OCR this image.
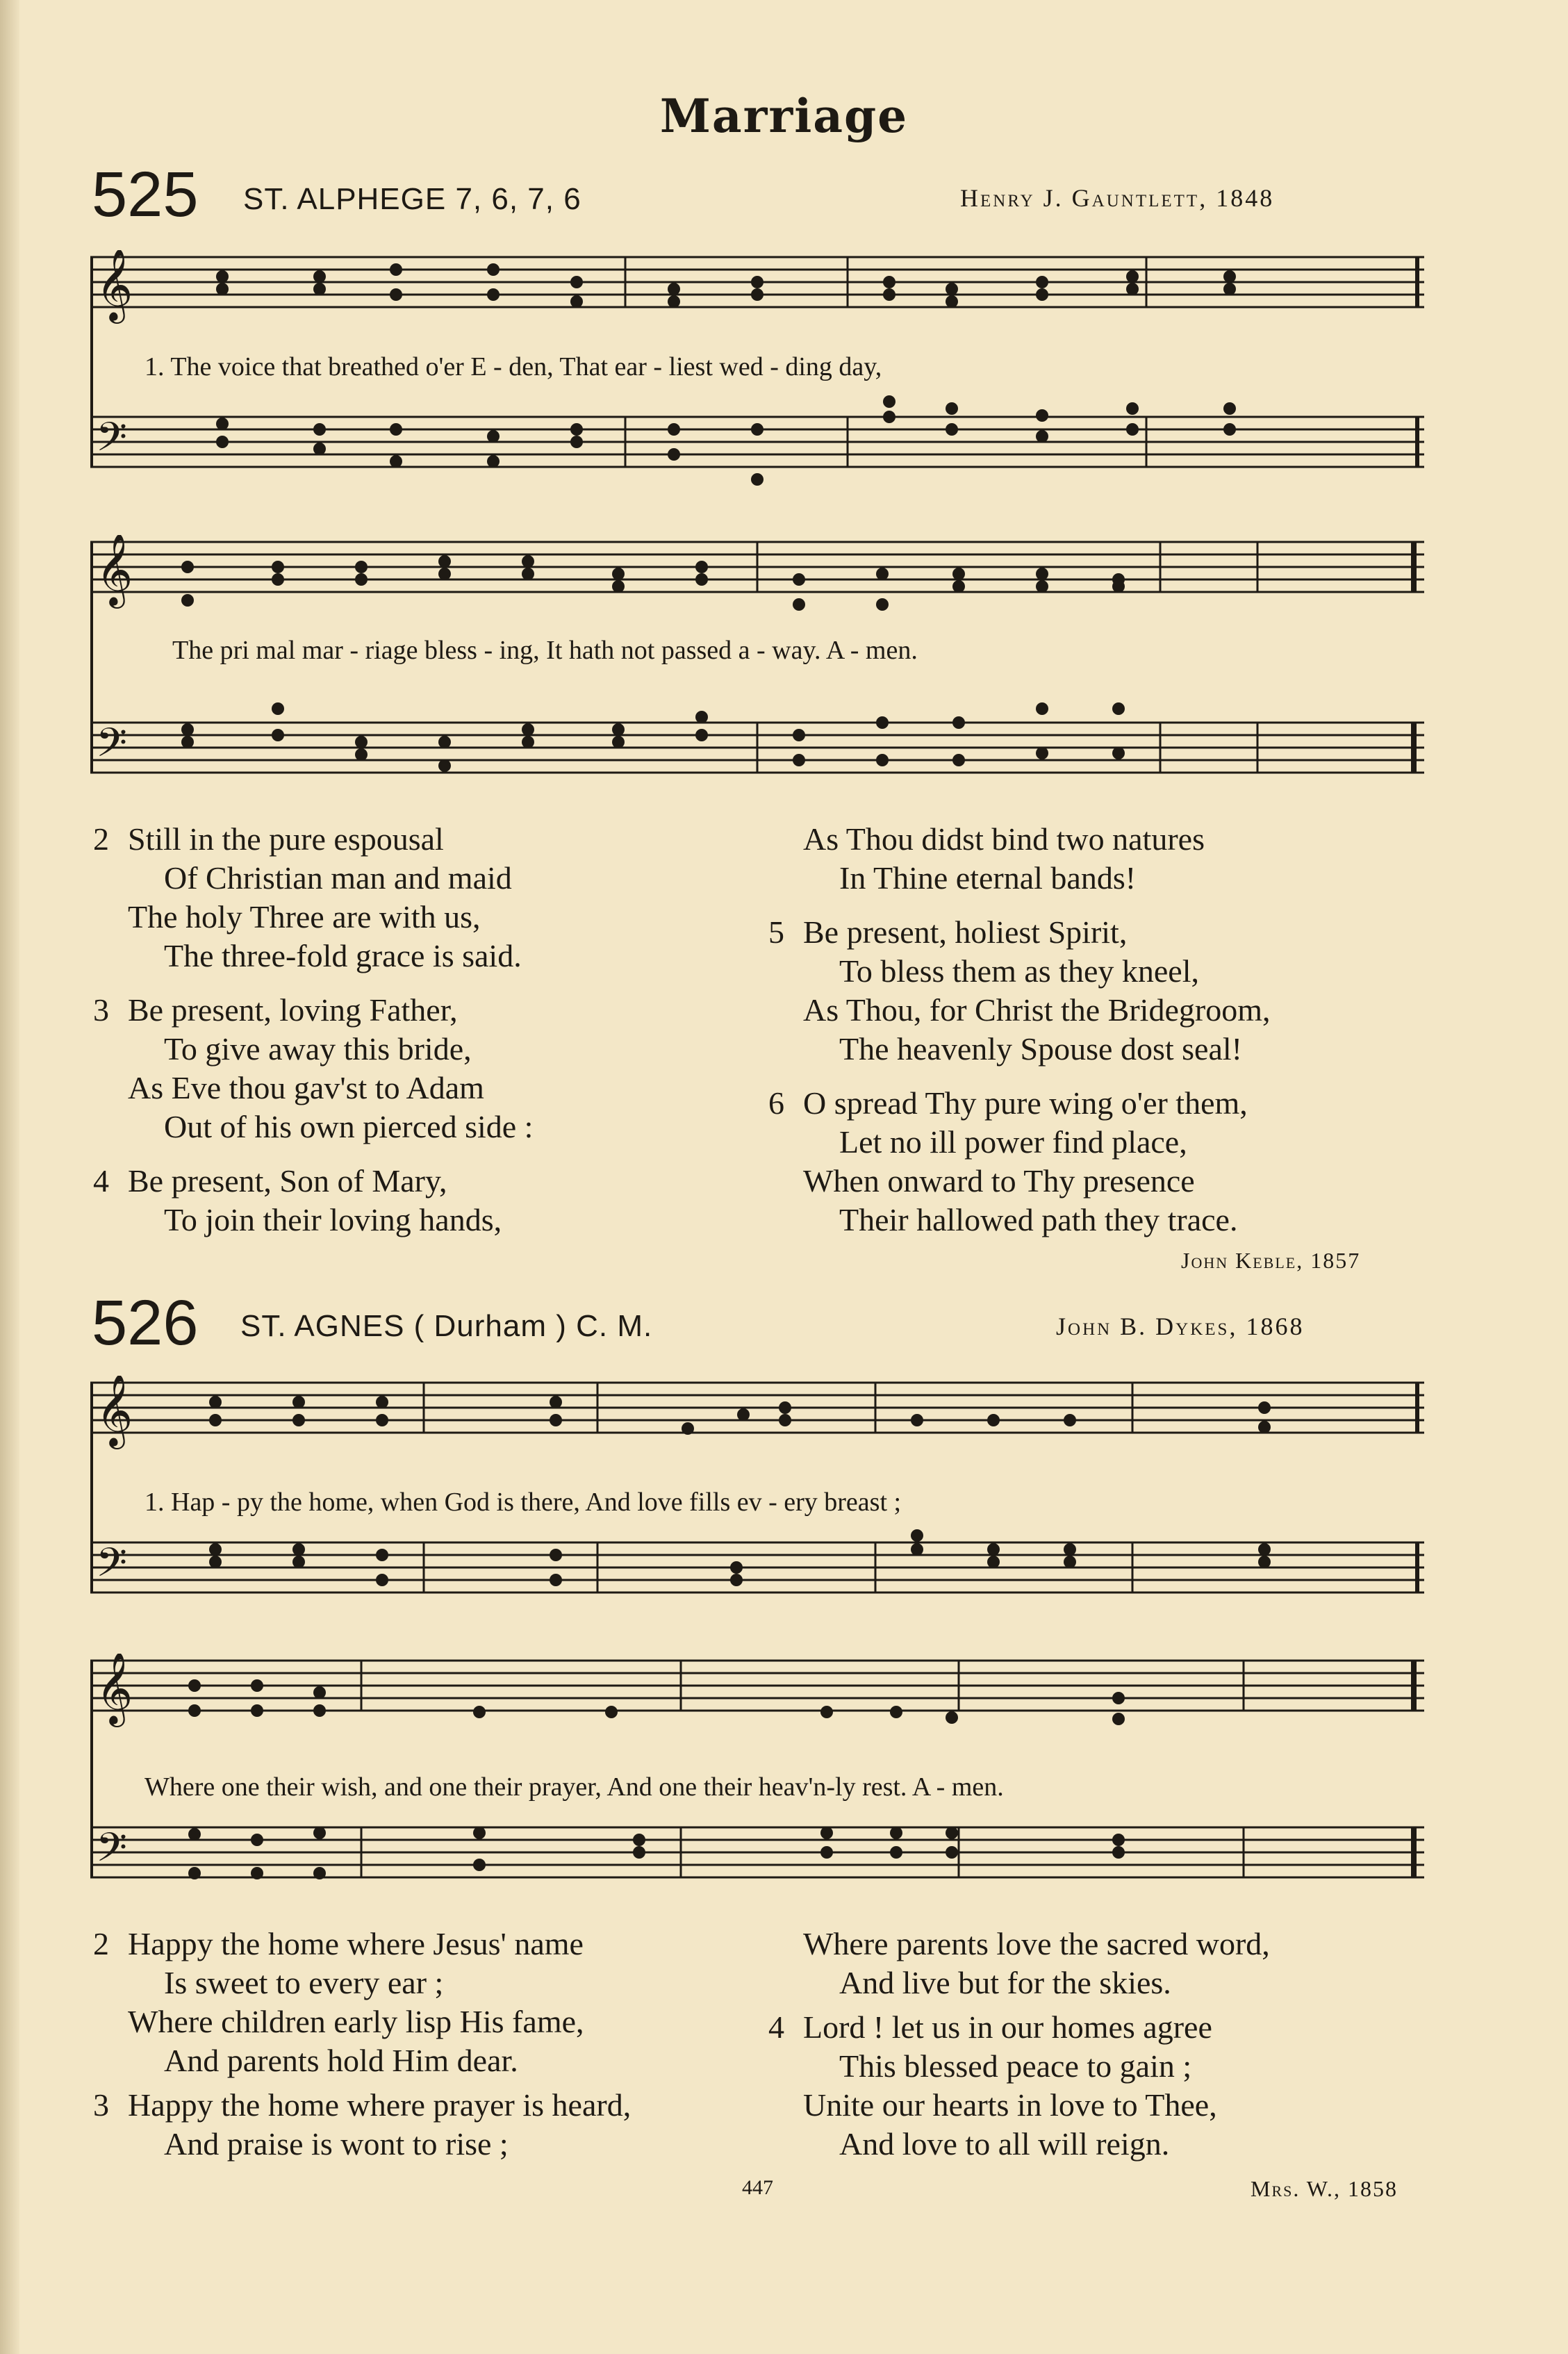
Marriage
525 ST. ALPHEGE 7, 6, 7, 6	Henry J. Gauntlett, 1848
𝄞
𝄢
1. The voice that breathed o'er E - den, That ear - liest wed - ding day,
𝄞
𝄢
The pri mal mar - riage bless - ing, It hath not passed a - way. A - men.
2 Still in the pure espousal
Of Christian man and maid
The holy Three are with us,
The three-fold grace is said.
3 Be present, loving Father,
To give away this bride,
As Eve thou gav'st to Adam
Out of his own pierced side :
4 Be present, Son of Mary,
To join their loving hands,
As Thou didst bind two natures
In Thine eternal bands!
5 Be present, holiest Spirit,
To bless them as they kneel,
As Thou, for Christ the Bridegroom,
The heavenly Spouse dost seal!
6 O spread Thy pure wing o'er them,
Let no ill power find place,
When onward to Thy presence
Their hallowed path they trace.
John Keble, 1857
526 ST. AGNES ( Durham ) C. M.	John B. Dykes, 1868
𝄞
𝄢
1. Hap - py the home, when God is there, And love fills ev - ery breast ;
𝄞
𝄢
Where one their wish, and one their prayer, And one their heav'n-ly rest. A - men.
2 Happy the home where Jesus' name
Is sweet to every ear ;
Where children early lisp His fame,
And parents hold Him dear.
3 Happy the home where prayer is heard,
And praise is wont to rise ;
Where parents love the sacred word,
And live but for the skies.
4 Lord ! let us in our homes agree
This blessed peace to gain ;
Unite our hearts in love to Thee,
And love to all will reign.
447	Mrs. W., 1858
